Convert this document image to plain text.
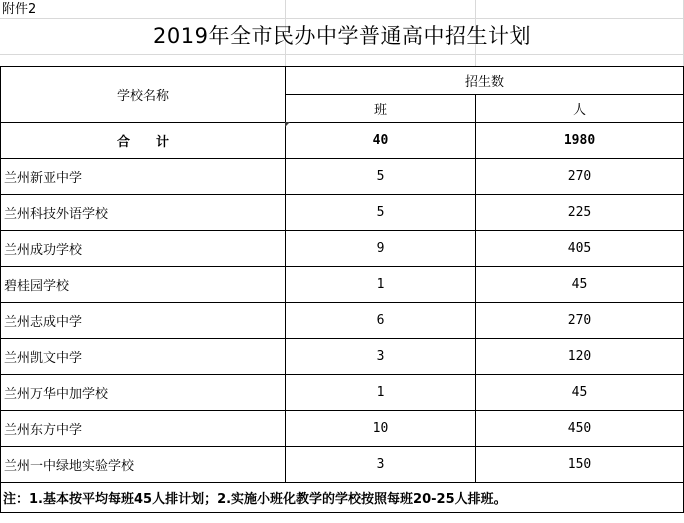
附件2
2019年全市民办中学普通高中招生计划
学校名称	招生数	
	班	人
合　　计	40	1980
兰州新亚中学	5	270
兰州科技外语学校	5	225
兰州成功学校	9	405
碧桂园学校	1	45
兰州志成中学	6	270
兰州凯文中学	3	120
兰州万华中加学校	1	45
兰州东方中学	10	450
兰州一中绿地实验学校	3	150
注：1.基本按平均每班45人排计划；2.实施小班化教学的学校按照每班20-25人排班。		
